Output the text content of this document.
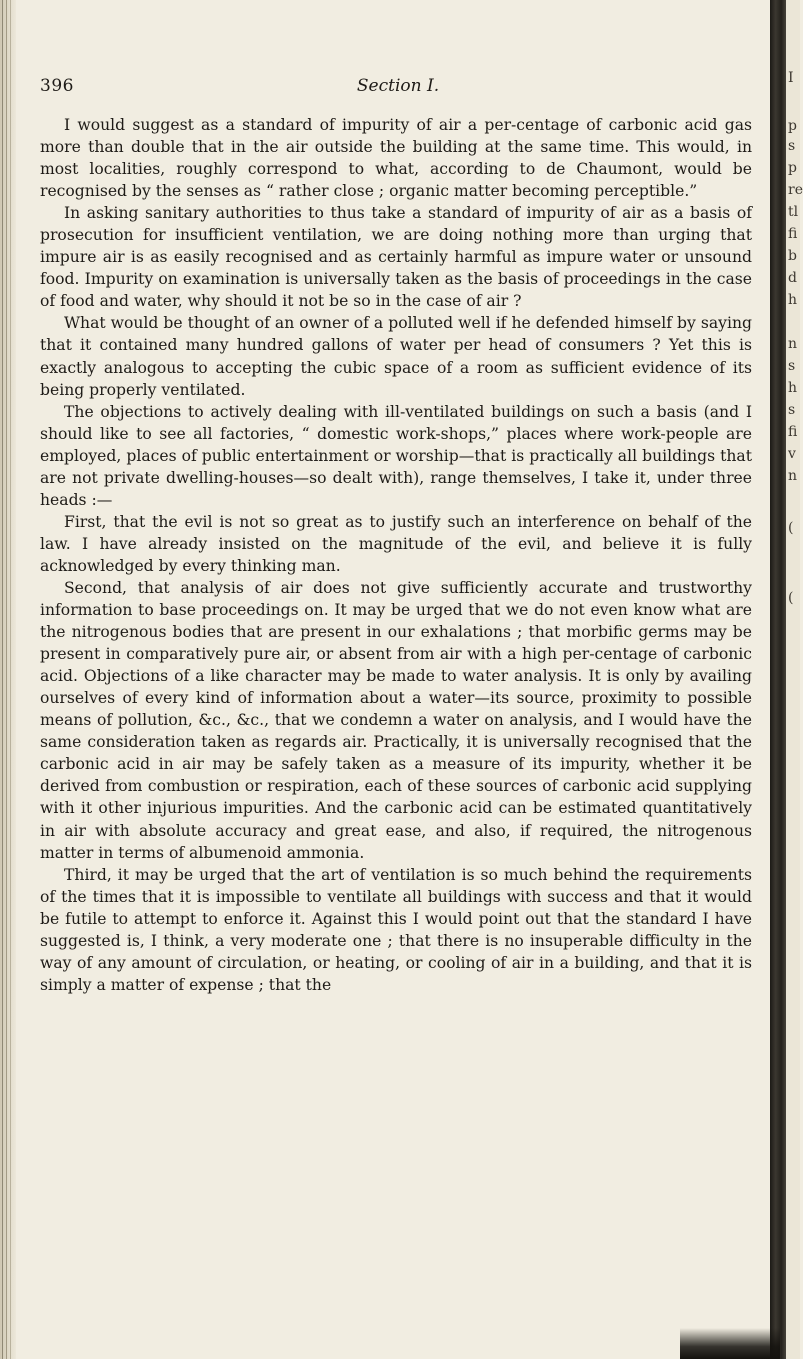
396	Section I.

I would suggest as a standard of impurity of air a per-centage of carbonic acid gas more than double that in the air outside the building at the same time. This would, in most localities, roughly correspond to what, according to de Chaumont, would be recognised by the senses as “ rather close ; organic matter becoming perceptible.”

In asking sanitary authorities to thus take a standard of impurity of air as a basis of prosecution for insufficient ventilation, we are doing nothing more than urging that impure air is as easily recognised and as certainly harmful as impure water or unsound food. Impurity on examination is universally taken as the basis of proceedings in the case of food and water, why should it not be so in the case of air ?

What would be thought of an owner of a polluted well if he defended himself by saying that it contained many hundred gallons of water per head of consumers ? Yet this is exactly analogous to accepting the cubic space of a room as sufficient evidence of its being properly ventilated.

The objections to actively dealing with ill-ventilated buildings on such a basis (and I should like to see all factories, “ domestic work-shops,” places where work-people are employed, places of public entertainment or worship—that is practically all buildings that are not private dwelling-houses—so dealt with), range themselves, I take it, under three heads :—

First, that the evil is not so great as to justify such an interference on behalf of the law. I have already insisted on the magnitude of the evil, and believe it is fully acknowledged by every thinking man.

Second, that analysis of air does not give sufficiently accurate and trustworthy information to base proceedings on. It may be urged that we do not even know what are the nitrogenous bodies that are present in our exhalations ; that morbific germs may be present in comparatively pure air, or absent from air with a high per-centage of carbonic acid. Objections of a like character may be made to water analysis. It is only by availing ourselves of every kind of information about a water—its source, proximity to possible means of pollution, &c., &c., that we condemn a water on analysis, and I would have the same consideration taken as regards air. Practically, it is universally recognised that the carbonic acid in air may be safely taken as a measure of its impurity, whether it be derived from combustion or respiration, each of these sources of carbonic acid supplying with it other injurious impurities. And the carbonic acid can be estimated quantitatively in air with absolute accuracy and great ease, and also, if required, the nitrogenous matter in terms of albumenoid ammonia.

Third, it may be urged that the art of ventilation is so much behind the requirements of the times that it is impossible to ventilate all buildings with success and that it would be futile to attempt to enforce it. Against this I would point out that the standard I have suggested is, I think, a very moderate one ; that there is no insuperable difficulty in the way of any amount of circulation, or heating, or cooling of air in a building, and that it is simply a matter of expense ; that the

I
p
s
p
re
tl
fi
b
d
h
n
s
h
s
fi
v
n
(
(
